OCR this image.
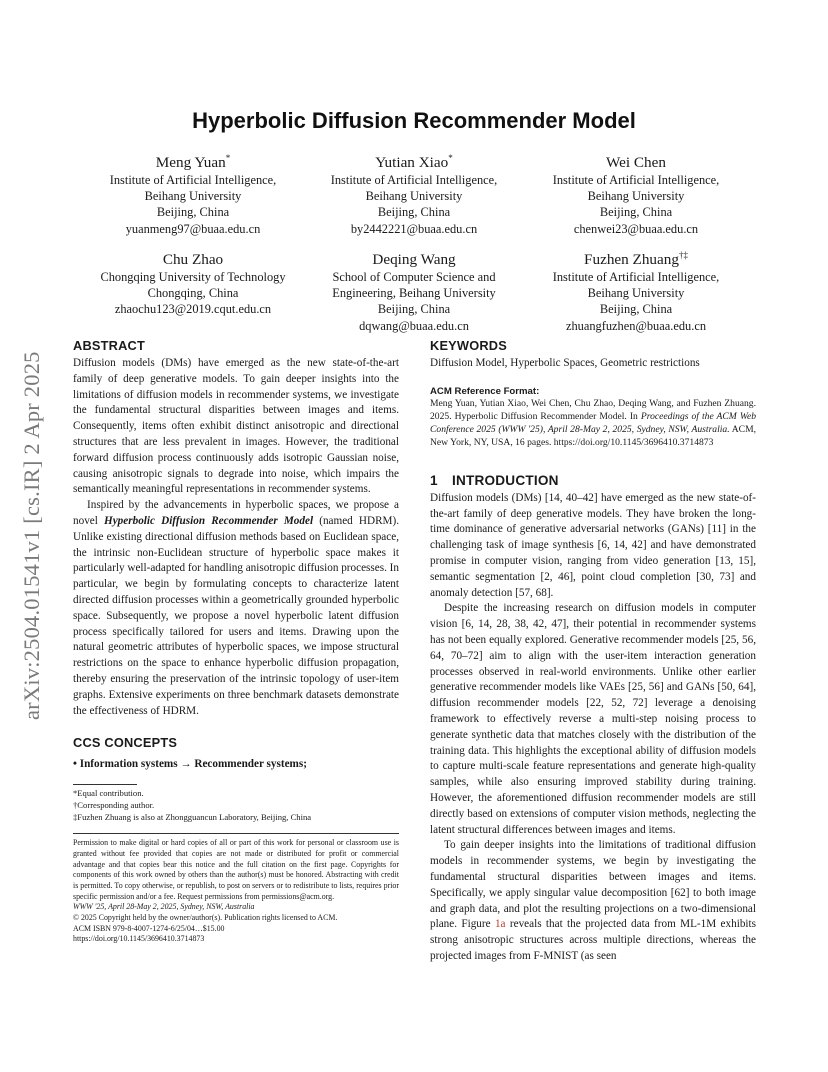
arXiv:2504.01541v1 [cs.IR] 2 Apr 2025
Hyperbolic Diffusion Recommender Model
Meng Yuan*
Institute of Artificial Intelligence,
Beihang University
Beijing, China
yuanmeng97@buaa.edu.cn
Yutian Xiao*
Institute of Artificial Intelligence,
Beihang University
Beijing, China
by2442221@buaa.edu.cn
Wei Chen
Institute of Artificial Intelligence,
Beihang University
Beijing, China
chenwei23@buaa.edu.cn
Chu Zhao
Chongqing University of Technology
Chongqing, China
zhaochu123@2019.cqut.edu.cn
Deqing Wang
School of Computer Science and
Engineering, Beihang University
Beijing, China
dqwang@buaa.edu.cn
Fuzhen Zhuang†‡
Institute of Artificial Intelligence,
Beihang University
Beijing, China
zhuangfuzhen@buaa.edu.cn
ABSTRACT

Diffusion models (DMs) have emerged as the new state-of-the-art family of deep generative models. To gain deeper insights into the limitations of diffusion models in recommender systems, we investigate the fundamental structural disparities between images and items. Consequently, items often exhibit distinct anisotropic and directional structures that are less prevalent in images. However, the traditional forward diffusion process continuously adds isotropic Gaussian noise, causing anisotropic signals to degrade into noise, which impairs the semantically meaningful representations in recommender systems.

Inspired by the advancements in hyperbolic spaces, we propose a novel Hyperbolic Diffusion Recommender Model (named HDRM). Unlike existing directional diffusion methods based on Euclidean space, the intrinsic non-Euclidean structure of hyperbolic space makes it particularly well-adapted for handling anisotropic diffusion processes. In particular, we begin by formulating concepts to characterize latent directed diffusion processes within a geometrically grounded hyperbolic space. Subsequently, we propose a novel hyperbolic latent diffusion process specifically tailored for users and items. Drawing upon the natural geometric attributes of hyperbolic spaces, we impose structural restrictions on the space to enhance hyperbolic diffusion propagation, thereby ensuring the preservation of the intrinsic topology of user-item graphs. Extensive experiments on three benchmark datasets demonstrate the effectiveness of HDRM.

CCS CONCEPTS
• Information systems → Recommender systems;
*Equal contribution.
†Corresponding author.
‡Fuzhen Zhuang is also at Zhongguancun Laboratory, Beijing, China
Permission to make digital or hard copies of all or part of this work for personal or classroom use is granted without fee provided that copies are not made or distributed for profit or commercial advantage and that copies bear this notice and the full citation on the first page. Copyrights for components of this work owned by others than the author(s) must be honored. Abstracting with credit is permitted. To copy otherwise, or republish, to post on servers or to redistribute to lists, requires prior specific permission and/or a fee. Request permissions from permissions@acm.org.
WWW '25, April 28-May 2, 2025, Sydney, NSW, Australia
© 2025 Copyright held by the owner/author(s). Publication rights licensed to ACM.
ACM ISBN 979-8-4007-1274-6/25/04…$15.00
https://doi.org/10.1145/3696410.3714873
KEYWORDS

Diffusion Model, Hyperbolic Spaces, Geometric restrictions

ACM Reference Format:
Meng Yuan, Yutian Xiao, Wei Chen, Chu Zhao, Deqing Wang, and Fuzhen Zhuang. 2025. Hyperbolic Diffusion Recommender Model. In Proceedings of the ACM Web Conference 2025 (WWW '25), April 28-May 2, 2025, Sydney, NSW, Australia. ACM, New York, NY, USA, 16 pages. https://doi.org/10.1145/3696410.3714873
1 INTRODUCTION

Diffusion models (DMs) [14, 40–42] have emerged as the new state-of-the-art family of deep generative models. They have broken the long-time dominance of generative adversarial networks (GANs) [11] in the challenging task of image synthesis [6, 14, 42] and have demonstrated promise in computer vision, ranging from video generation [13, 15], semantic segmentation [2, 46], point cloud completion [30, 73] and anomaly detection [57, 68].

Despite the increasing research on diffusion models in computer vision [6, 14, 28, 38, 42, 47], their potential in recommender systems has not been equally explored. Generative recommender models [25, 56, 64, 70–72] aim to align with the user-item interaction generation processes observed in real-world environments. Unlike other earlier generative recommender models like VAEs [25, 56] and GANs [50, 64], diffusion recommender models [22, 52, 72] leverage a denoising framework to effectively reverse a multi-step noising process to generate synthetic data that matches closely with the distribution of the training data. This highlights the exceptional ability of diffusion models to capture multi-scale feature representations and generate high-quality samples, while also ensuring improved stability during training. However, the aforementioned diffusion recommender models are still directly based on extensions of computer vision methods, neglecting the latent structural differences between images and items.

To gain deeper insights into the limitations of traditional diffusion models in recommender systems, we begin by investigating the fundamental structural disparities between images and items. Specifically, we apply singular value decomposition [62] to both image and graph data, and plot the resulting projections on a two-dimensional plane. Figure 1a reveals that the projected data from ML-1M exhibits strong anisotropic structures across multiple directions, whereas the projected images from F-MNIST (as seen
